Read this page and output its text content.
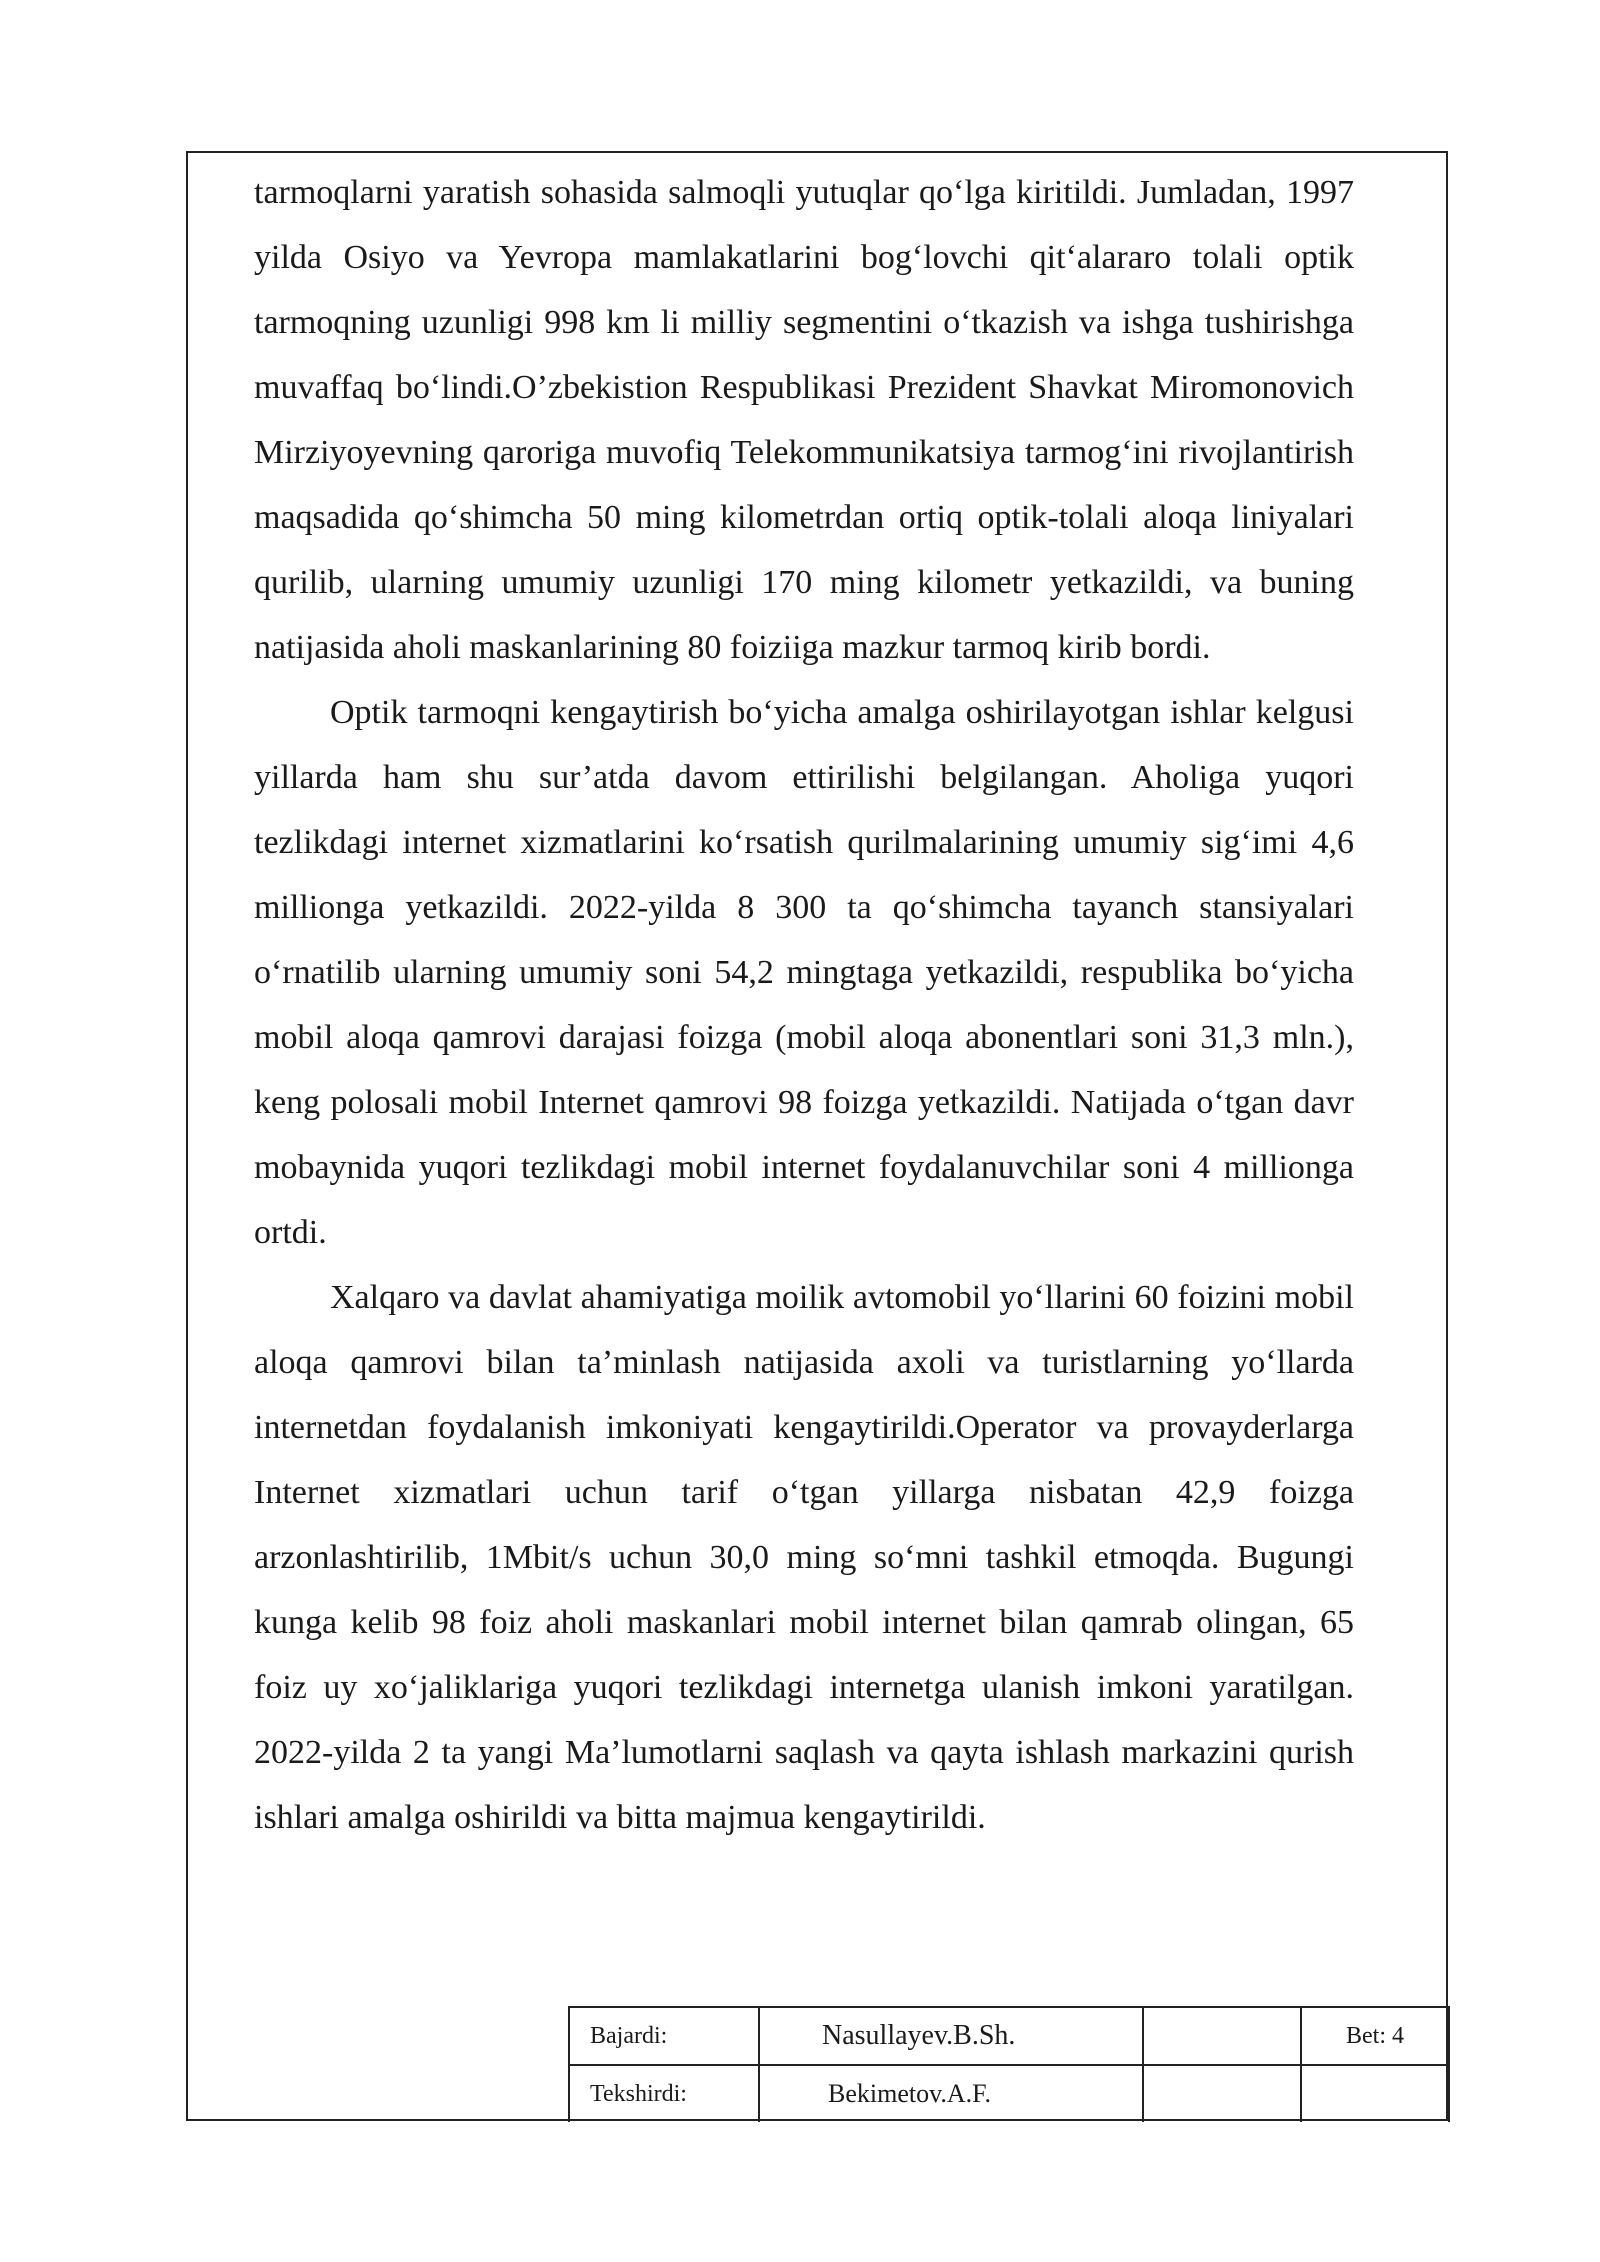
tarmoqlarni yaratish sohasida salmoqli yutuqlar qo‘lga kiritildi. Jumladan, 1997 yilda Osiyo va Yevropa mamlakatlarini bog‘lovchi qit‘alararo tolali optik tarmoqning uzunligi 998 km li milliy segmentini o‘tkazish va ishga tushirishga muvaffaq bo‘lindi.O’zbekistion Respublikasi Prezident Shavkat Miromonovich Mirziyoyevning qaroriga muvofiq Telekommunikatsiya tarmog‘ini rivojlantirish maqsadida qo‘shimcha 50 ming kilometrdan ortiq optik-tolali aloqa liniyalari qurilib, ularning umumiy uzunligi 170 ming kilometr yetkazildi, va buning natijasida aholi maskanlarining 80 foiziiga mazkur tarmoq kirib bordi.

Optik tarmoqni kengaytirish bo‘yicha amalga oshirilayotgan ishlar kelgusi yillarda ham shu sur’atda davom ettirilishi belgilangan. Aholiga yuqori tezlikdagi internet xizmatlarini ko‘rsatish qurilmalarining umumiy sig‘imi 4,6 millionga yetkazildi. 2022-yilda 8 300 ta qo‘shimcha tayanch stansiyalari o‘rnatilib ularning umumiy soni 54,2 mingtaga yetkazildi, respublika bo‘yicha mobil aloqa qamrovi darajasi foizga (mobil aloqa abonentlari soni 31,3 mln.), keng polosali mobil Internet qamrovi 98 foizga yetkazildi. Natijada o‘tgan davr mobaynida yuqori tezlikdagi mobil internet foydalanuvchilar soni 4 millionga ortdi.

Xalqaro va davlat ahamiyatiga moilik avtomobil yo‘llarini 60 foizini mobil aloqa qamrovi bilan ta’minlash natijasida axoli va turistlarning yo‘llarda internetdan foydalanish imkoniyati kengaytirildi.Operator va provayderlarga Internet xizmatlari uchun tarif o‘tgan yillarga nisbatan 42,9 foizga arzonlashtirilib, 1Mbit/s uchun 30,0 ming so‘mni tashkil etmoqda. Bugungi kunga kelib 98 foiz aholi maskanlari mobil internet bilan qamrab olingan, 65 foiz uy xo‘jaliklariga yuqori tezlikdagi internetga ulanish imkoni yaratilgan. 2022-yilda 2 ta yangi Ma’lumotlarni saqlash va qayta ishlash markazini qurish ishlari amalga oshirildi va bitta majmua kengaytirildi.

Bajardi:	Nasullayev.B.Sh.		Bet: 4
Tekshirdi:	Bekimetov.A.F.		
